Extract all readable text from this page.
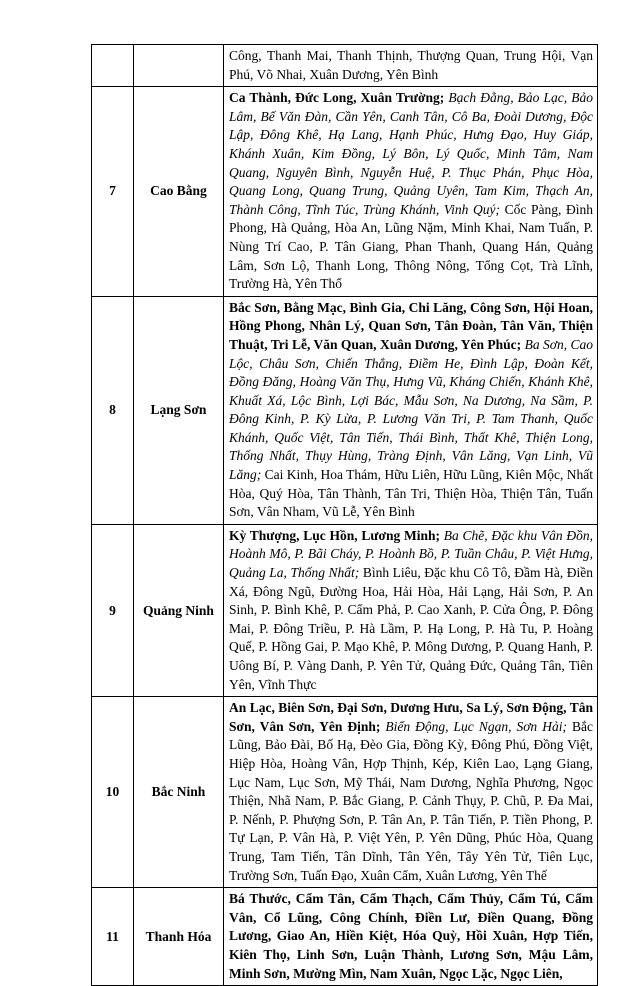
		Công, Thanh Mai, Thanh Thịnh, Thượng Quan, Trung Hội, Vạn Phú, Võ Nhai, Xuân Dương, Yên Bình
7	Cao Bằng	Ca Thành, Đức Long, Xuân Trường; Bạch Đằng, Bảo Lạc, Bảo Lâm, Bế Văn Đàn, Cần Yên, Canh Tân, Cô Ba, Đoài Dương, Độc Lập, Đông Khê, Hạ Lang, Hạnh Phúc, Hưng Đạo, Huy Giáp, Khánh Xuân, Kim Đồng, Lý Bôn, Lý Quốc, Minh Tâm, Nam Quang, Nguyên Bình, Nguyễn Huệ, P. Thục Phán, Phục Hòa, Quang Long, Quang Trung, Quảng Uyên, Tam Kim, Thạch An, Thành Công, Tĩnh Túc, Trùng Khánh, Vinh Quý; Cốc Pàng, Đình Phong, Hà Quảng, Hòa An, Lũng Nặm, Minh Khai, Nam Tuấn, P. Nùng Trí Cao, P. Tân Giang, Phan Thanh, Quang Hán, Quảng Lâm, Sơn Lộ, Thanh Long, Thông Nông, Tổng Cọt, Trà Lĩnh, Trường Hà, Yên Thổ
8	Lạng Sơn	Bắc Sơn, Bằng Mạc, Bình Gia, Chi Lăng, Công Sơn, Hội Hoan, Hồng Phong, Nhân Lý, Quan Sơn, Tân Đoàn, Tân Văn, Thiện Thuật, Tri Lễ, Văn Quan, Xuân Dương, Yên Phúc; Ba Sơn, Cao Lộc, Châu Sơn, Chiến Thắng, Điềm He, Đình Lập, Đoàn Kết, Đồng Đăng, Hoàng Văn Thụ, Hưng Vũ, Kháng Chiến, Khánh Khê, Khuất Xá, Lộc Bình, Lợi Bác, Mẫu Sơn, Na Dương, Na Sầm, P. Đông Kinh, P. Kỳ Lừa, P. Lương Văn Tri, P. Tam Thanh, Quốc Khánh, Quốc Việt, Tân Tiến, Thái Bình, Thất Khê, Thiện Long, Thống Nhất, Thụy Hùng, Tràng Định, Vân Lăng, Vạn Linh, Vũ Lăng; Cai Kinh, Hoa Thám, Hữu Liên, Hữu Lũng, Kiên Mộc, Nhất Hòa, Quý Hòa, Tân Thành, Tân Tri, Thiện Hòa, Thiện Tân, Tuấn Sơn, Vân Nham, Vũ Lễ, Yên Bình
9	Quảng Ninh	Kỳ Thượng, Lục Hồn, Lương Minh; Ba Chẽ, Đặc khu Vân Đồn, Hoành Mô, P. Bãi Cháy, P. Hoành Bồ, P. Tuần Châu, P. Việt Hưng, Quảng La, Thống Nhất; Bình Liêu, Đặc khu Cô Tô, Đầm Hà, Điền Xá, Đông Ngũ, Đường Hoa, Hải Hòa, Hải Lạng, Hải Sơn, P. An Sinh, P. Bình Khê, P. Cẩm Phả, P. Cao Xanh, P. Cửa Ông, P. Đông Mai, P. Đông Triều, P. Hà Lầm, P. Hạ Long, P. Hà Tu, P. Hoàng Quế, P. Hồng Gai, P. Mạo Khê, P. Mông Dương, P. Quang Hanh, P. Uông Bí, P. Vàng Danh, P. Yên Tử, Quảng Đức, Quảng Tân, Tiên Yên, Vĩnh Thực
10	Bắc Ninh	An Lạc, Biên Sơn, Đại Sơn, Dương Hưu, Sa Lý, Sơn Động, Tân Sơn, Vân Sơn, Yên Định; Biển Động, Lục Ngạn, Sơn Hải; Bắc Lũng, Bảo Đài, Bố Hạ, Đèo Gia, Đồng Kỳ, Đông Phú, Đồng Việt, Hiệp Hòa, Hoàng Vân, Hợp Thịnh, Kép, Kiên Lao, Lạng Giang, Lục Nam, Lục Sơn, Mỹ Thái, Nam Dương, Nghĩa Phương, Ngọc Thiện, Nhã Nam, P. Bắc Giang, P. Cảnh Thụy, P. Chũ, P. Đa Mai, P. Nếnh, P. Phượng Sơn, P. Tân An, P. Tân Tiến, P. Tiền Phong, P. Tự Lạn, P. Vân Hà, P. Việt Yên, P. Yên Dũng, Phúc Hòa, Quang Trung, Tam Tiến, Tân Dĩnh, Tân Yên, Tây Yên Tử, Tiên Lục, Trường Sơn, Tuấn Đạo, Xuân Cẩm, Xuân Lương, Yên Thế
11	Thanh Hóa	Bá Thước, Cẩm Tân, Cẩm Thạch, Cẩm Thủy, Cẩm Tú, Cẩm Vân, Cổ Lũng, Công Chính, Điền Lư, Điền Quang, Đồng Lương, Giao An, Hiền Kiệt, Hóa Quỳ, Hồi Xuân, Hợp Tiến, Kiên Thọ, Linh Sơn, Luận Thành, Lương Sơn, Mậu Lâm, Minh Sơn, Mường Mìn, Nam Xuân, Ngọc Lặc, Ngọc Liên,
